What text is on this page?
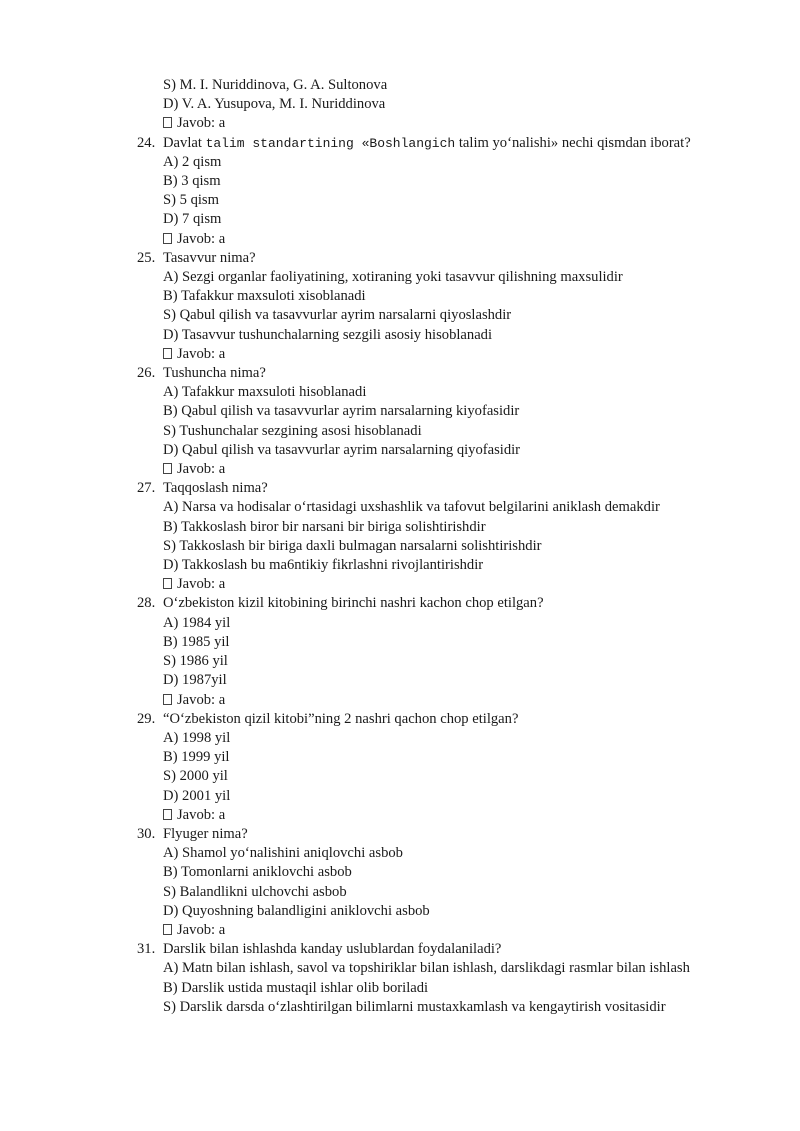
S) M. I. Nuriddinova, G. A. Sultonova
D) V. A. Yusupova, M. I. Nuriddinova
Javob: a
24. Davlat talim standartining «Boshlangich talim yo‘nalishi» nechi qismdan iborat?
A) 2 qism
B) 3 qism
S) 5 qism
D) 7 qism
Javob: a
25. Tasavvur nima?
A) Sezgi organlar faoliyatining, xotiraning yoki tasavvur qilishning maxsulidir
B) Tafakkur maxsuloti xisoblanadi
S) Qabul qilish va tasavvurlar ayrim narsalarni qiyoslashdir
D) Tasavvur tushunchalarning sezgili asosiy hisoblanadi
Javob: a
26. Tushuncha nima?
A) Tafakkur maxsuloti hisoblanadi
B) Qabul qilish va tasavvurlar ayrim narsalarning kiyofasidir
S) Tushunchalar sezgining asosi hisoblanadi
D) Qabul qilish va tasavvurlar ayrim narsalarning qiyofasidir
Javob: a
27. Taqqoslash nima?
A) Narsa va hodisalar o‘rtasidagi uxshashlik va tafovut belgilarini aniklash demakdir
B) Takkoslash biror bir narsani bir biriga solishtirishdir
S) Takkoslash bir biriga daxli bulmagan narsalarni solishtirishdir
D) Takkoslash bu ma6ntikiy fikrlashni rivojlantirishdir
Javob: a
28. O‘zbekiston kizil kitobining birinchi nashri kachon chop etilgan?
A) 1984 yil
B) 1985 yil
S) 1986 yil
D) 1987yil
Javob: a
29. “O‘zbekiston qizil kitobi”ning 2 nashri qachon chop etilgan?
A) 1998 yil
B) 1999 yil
S) 2000 yil
D) 2001 yil
Javob: a
30. Flyuger nima?
A) Shamol yo‘nalishini aniqlovchi asbob
B) Tomonlarni aniklovchi asbob
S) Balandlikni ulchovchi asbob
D) Quyoshning balandligini aniklovchi asbob
Javob: a
31. Darslik bilan ishlashda kanday uslublardan foydalaniladi?
A) Matn bilan ishlash, savol va topshiriklar bilan ishlash, darslikdagi rasmlar bilan ishlash
B) Darslik ustida mustaqil ishlar olib boriladi
S) Darslik darsda o‘zlashtirilgan bilimlarni mustaxkamlash va kengaytirish vositasidir
